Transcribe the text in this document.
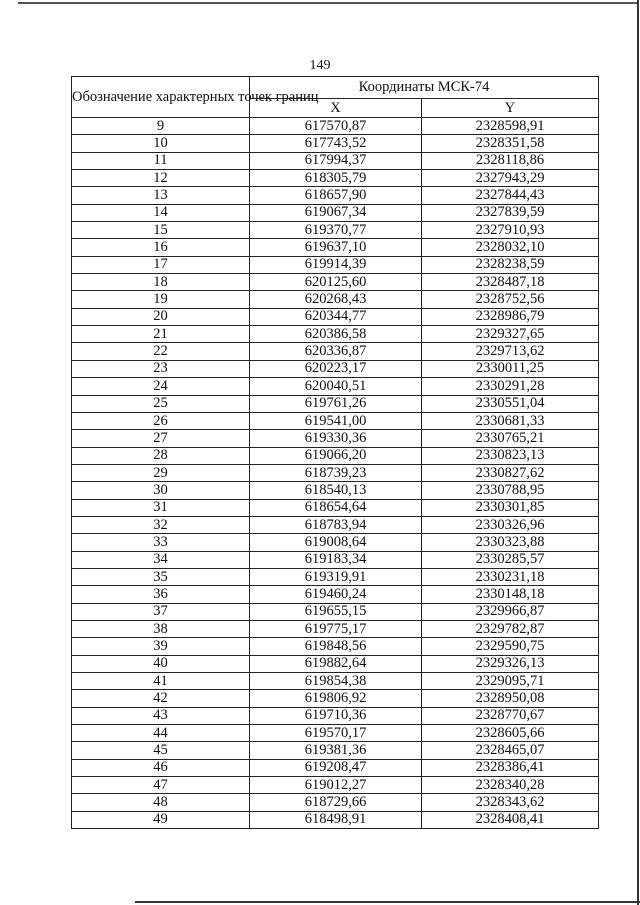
149
Обозначение характерных точек границ	Координаты МСК-74	
	X	Y
9	617570,87	2328598,91
10	617743,52	2328351,58
11	617994,37	2328118,86
12	618305,79	2327943,29
13	618657,90	2327844,43
14	619067,34	2327839,59
15	619370,77	2327910,93
16	619637,10	2328032,10
17	619914,39	2328238,59
18	620125,60	2328487,18
19	620268,43	2328752,56
20	620344,77	2328986,79
21	620386,58	2329327,65
22	620336,87	2329713,62
23	620223,17	2330011,25
24	620040,51	2330291,28
25	619761,26	2330551,04
26	619541,00	2330681,33
27	619330,36	2330765,21
28	619066,20	2330823,13
29	618739,23	2330827,62
30	618540,13	2330788,95
31	618654,64	2330301,85
32	618783,94	2330326,96
33	619008,64	2330323,88
34	619183,34	2330285,57
35	619319,91	2330231,18
36	619460,24	2330148,18
37	619655,15	2329966,87
38	619775,17	2329782,87
39	619848,56	2329590,75
40	619882,64	2329326,13
41	619854,38	2329095,71
42	619806,92	2328950,08
43	619710,36	2328770,67
44	619570,17	2328605,66
45	619381,36	2328465,07
46	619208,47	2328386,41
47	619012,27	2328340,28
48	618729,66	2328343,62
49	618498,91	2328408,41
